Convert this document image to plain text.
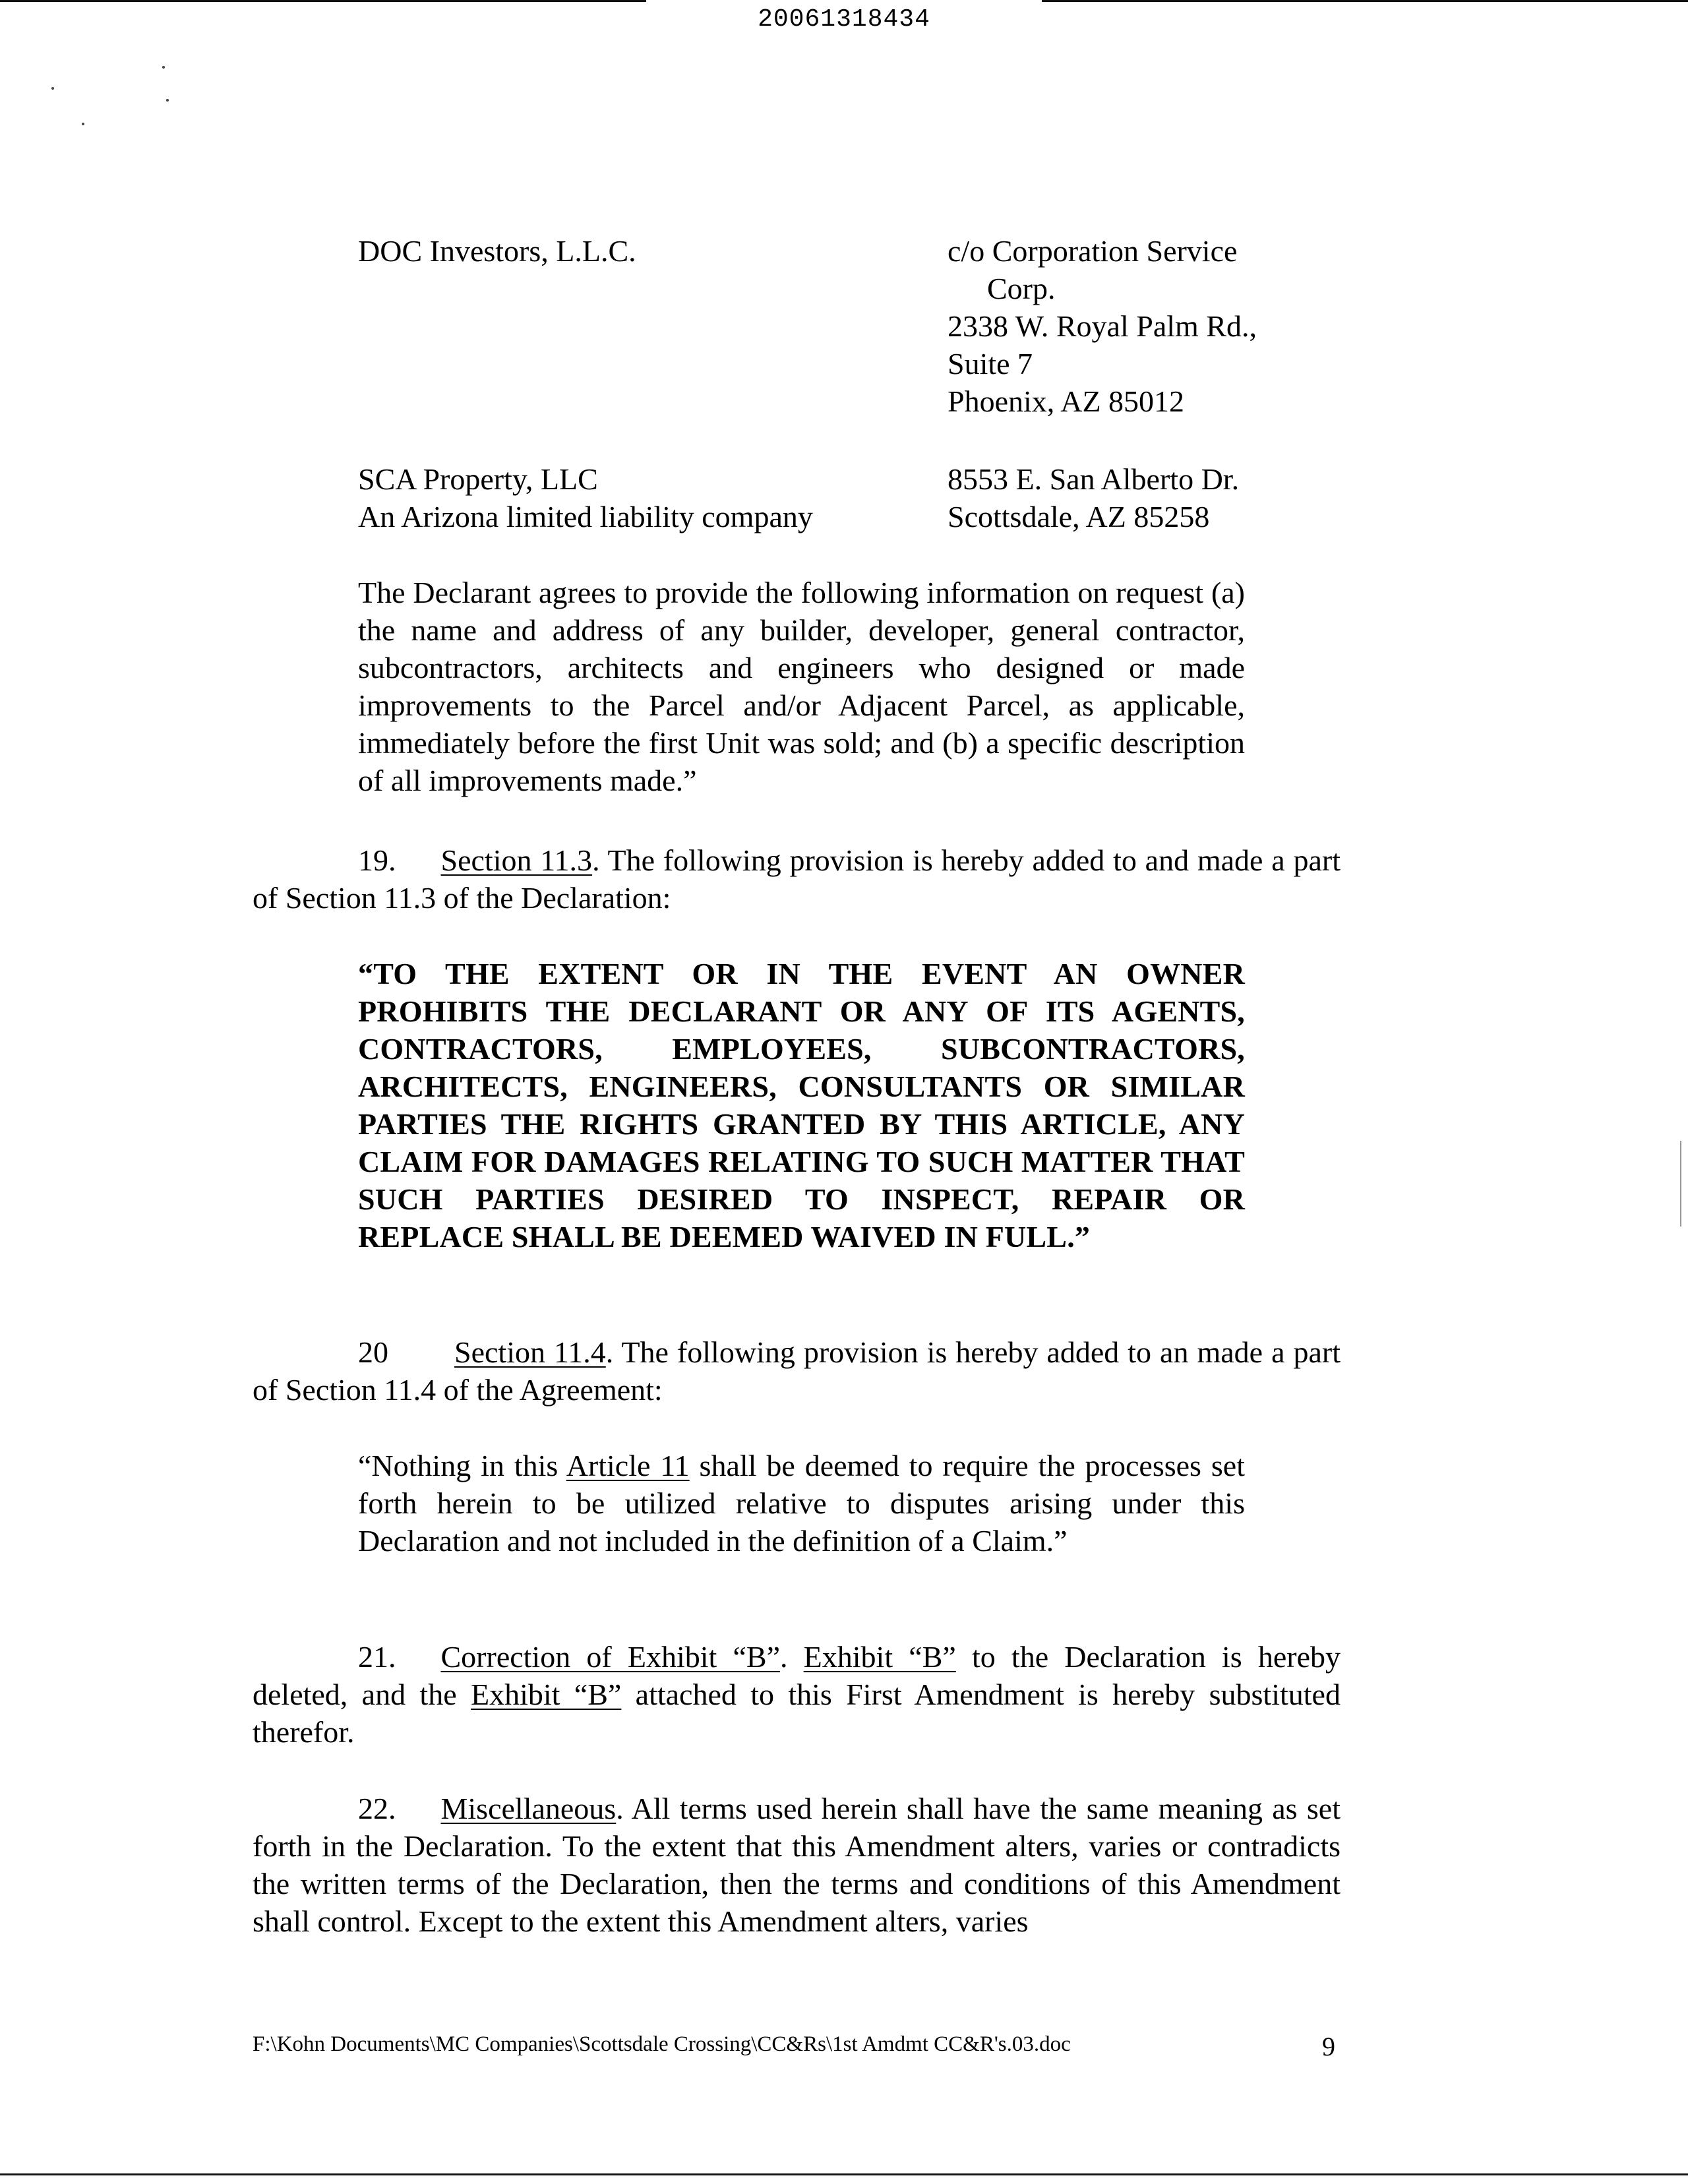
20061318434
DOC Investors, L.L.C.	c/o Corporation Service
Corp.
2338 W. Royal Palm Rd.,
Suite 7
Phoenix, AZ 85012
SCA Property, LLC
An Arizona limited liability company
8553 E. San Alberto Dr.
Scottsdale, AZ 85258
The Declarant agrees to provide the following information on request (a) the name and address of any builder, developer, general contractor, subcontractors, architects and engineers who designed or made improvements to the Parcel and/or Adjacent Parcel, as applicable, immediately before the first Unit was sold; and (b) a specific description of all improvements made.”
19. Section 11.3. The following provision is hereby added to and made a part of Section 11.3 of the Declaration:
“TO THE EXTENT OR IN THE EVENT AN OWNER PROHIBITS THE DECLARANT OR ANY OF ITS AGENTS, CONTRACTORS, EMPLOYEES, SUBCONTRACTORS, ARCHITECTS, ENGINEERS, CONSULTANTS OR SIMILAR PARTIES THE RIGHTS GRANTED BY THIS ARTICLE, ANY CLAIM FOR DAMAGES RELATING TO SUCH MATTER THAT SUCH PARTIES DESIRED TO INSPECT, REPAIR OR REPLACE SHALL BE DEEMED WAIVED IN FULL.”
20 Section 11.4. The following provision is hereby added to an made a part of Section 11.4 of the Agreement:
“Nothing in this Article 11 shall be deemed to require the processes set forth herein to be utilized relative to disputes arising under this Declaration and not included in the definition of a Claim.”
21. Correction of Exhibit “B”. Exhibit “B” to the Declaration is hereby deleted, and the Exhibit “B” attached to this First Amendment is hereby substituted therefor.
22. Miscellaneous. All terms used herein shall have the same meaning as set forth in the Declaration. To the extent that this Amendment alters, varies or contradicts the written terms of the Declaration, then the terms and conditions of this Amendment shall control. Except to the extent this Amendment alters, varies
F:\Kohn Documents\MC Companies\Scottsdale Crossing\CC&Rs\1st Amdmt CC&R's.03.doc	9
